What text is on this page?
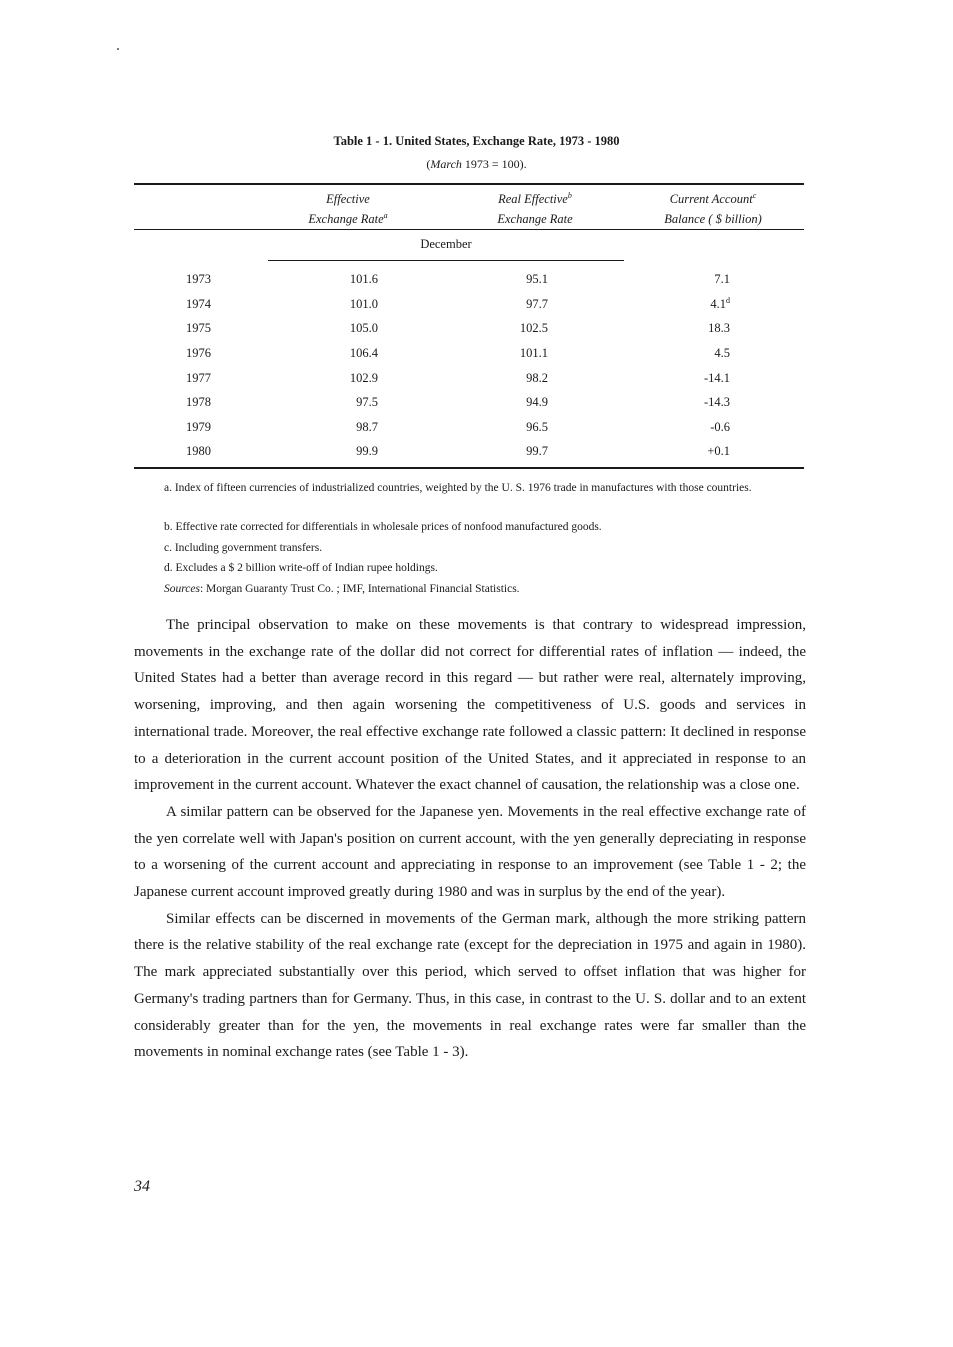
Table 1 - 1. United States, Exchange Rate, 1973 - 1980
(March 1973 = 100).
Effective
Exchange Rate$^a$
Real Effective$^b$
Exchange Rate
Current Account$^c$
Balance ( $ billion)
December
1973	101.6	95.1	7.1
1974	101.0	97.7	4.1$^d$
1975	105.0	102.5	18.3
1976	106.4	101.1	4.5
1977	102.9	98.2	-14.1
1978	97.5	94.9	-14.3
1979	98.7	96.5	-0.6
1980	99.9	99.7	+0.1
a. Index of fifteen currencies of industrialized countries, weighted by the U. S. 1976 trade in manufactures with those countries.
b. Effective rate corrected for differentials in wholesale prices of nonfood manufactured goods.
c. Including government transfers.
d. Excludes a $ 2 billion write-off of Indian rupee holdings.
Sources: Morgan Guaranty Trust Co. ; IMF, International Financial Statistics.

The principal observation to make on these movements is that contrary to widespread impression, movements in the exchange rate of the dollar did not correct for differential rates of inflation — indeed, the United States had a better than average record in this regard — but rather were real, alternately improving, worsening, improving, and then again worsening the competitiveness of U.S. goods and services in international trade. Moreover, the real effective exchange rate followed a classic pattern: It declined in response to a deterioration in the current account position of the United States, and it appreciated in response to an improvement in the current account. Whatever the exact channel of causation, the relationship was a close one.

A similar pattern can be observed for the Japanese yen. Movements in the real effective exchange rate of the yen correlate well with Japan's position on current account, with the yen generally depreciating in response to a worsening of the current account and appreciating in response to an improvement (see Table 1 - 2; the Japanese current account improved greatly during 1980 and was in surplus by the end of the year).

Similar effects can be discerned in movements of the German mark, although the more striking pattern there is the relative stability of the real exchange rate (except for the depreciation in 1975 and again in 1980). The mark appreciated substantially over this period, which served to offset inflation that was higher for Germany's trading partners than for Germany. Thus, in this case, in contrast to the U. S. dollar and to an extent considerably greater than for the yen, the movements in real exchange rates were far smaller than the movements in nominal exchange rates (see Table 1 - 3).

34
